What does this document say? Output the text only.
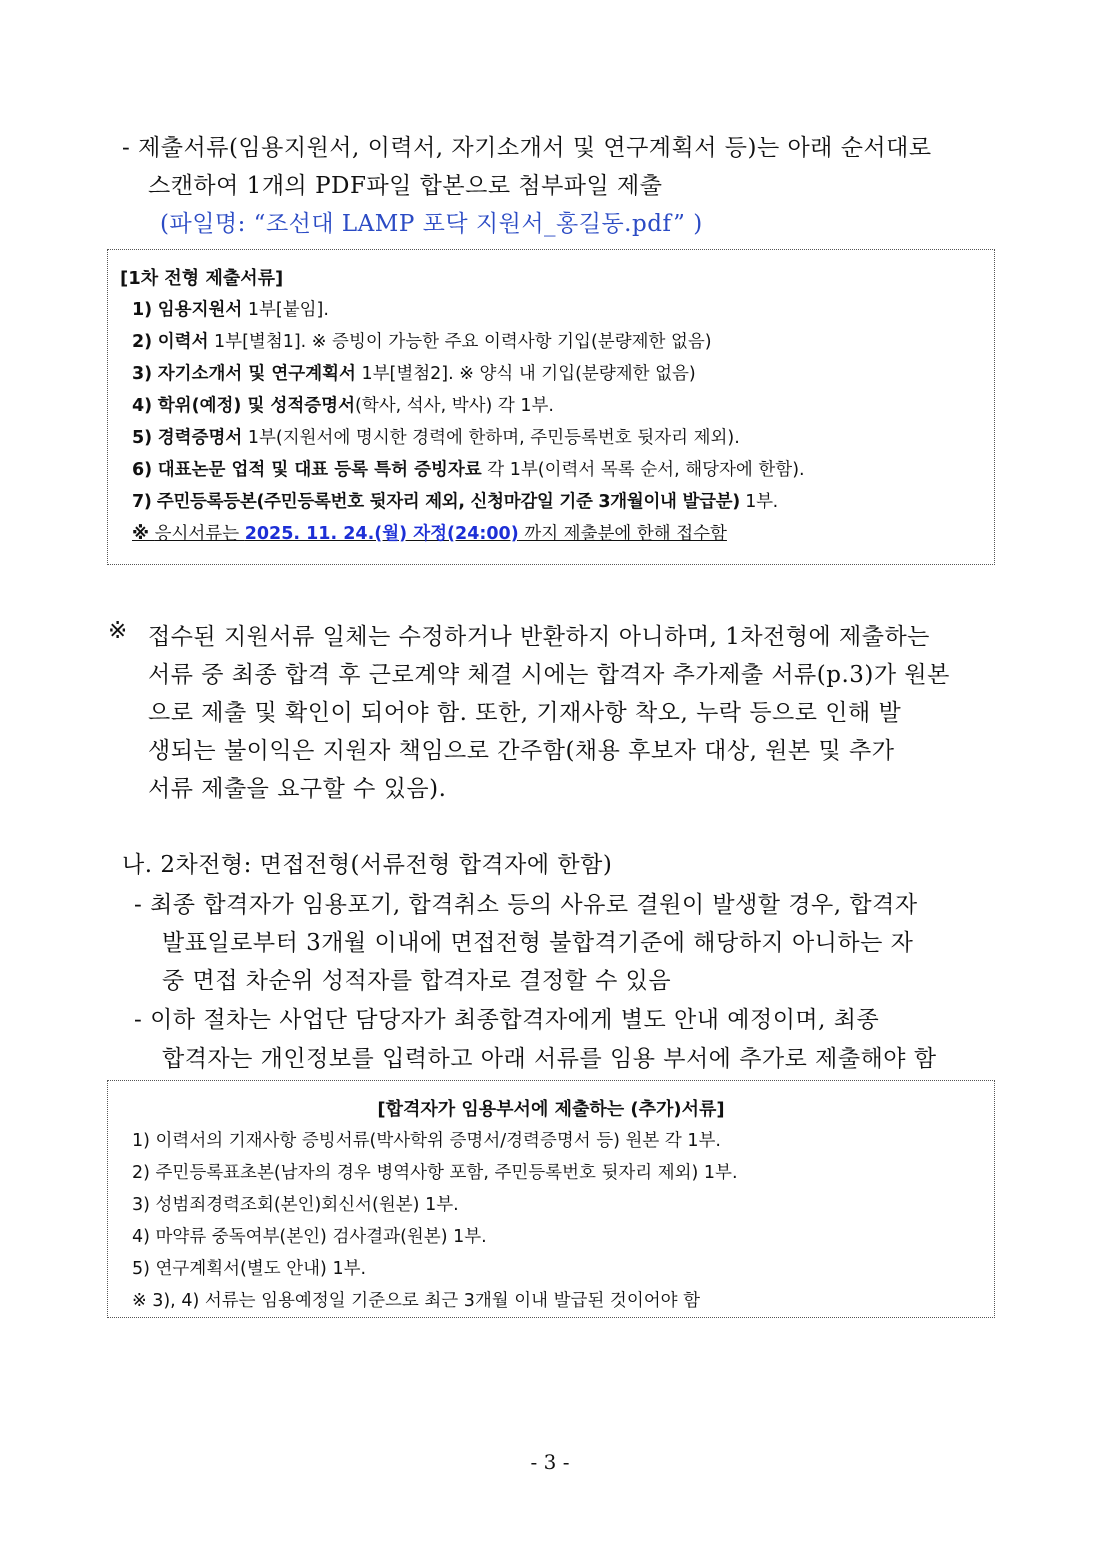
- 제출서류(임용지원서, 이력서, 자기소개서 및 연구계획서 등)는 아래 순서대로
스캔하여 1개의 PDF파일 합본으로 첨부파일 제출
(파일명: “조선대 LAMP 포닥 지원서_홍길동.pdf” )
[1차 전형 제출서류]
1) 임용지원서 1부[붙임].
2) 이력서 1부[별첨1]. ※ 증빙이 가능한 주요 이력사항 기입(분량제한 없음)
3) 자기소개서 및 연구계획서 1부[별첨2]. ※ 양식 내 기입(분량제한 없음)
4) 학위(예정) 및 성적증명서(학사, 석사, 박사) 각 1부.
5) 경력증명서 1부(지원서에 명시한 경력에 한하며, 주민등록번호 뒷자리 제외).
6) 대표논문 업적 및 대표 등록 특허 증빙자료 각 1부(이력서 목록 순서, 해당자에 한함).
7) 주민등록등본(주민등록번호 뒷자리 제외, 신청마감일 기준 3개월이내 발급분) 1부.
※ 응시서류는 2025. 11. 24.(월) 자정(24:00) 까지 제출분에 한해 접수함
※ 접수된 지원서류 일체는 수정하거나 반환하지 아니하며, 1차전형에 제출하는
서류 중 최종 합격 후 근로계약 체결 시에는 합격자 추가제출 서류(p.3)가 원본
으로 제출 및 확인이 되어야 함. 또한, 기재사항 착오, 누락 등으로 인해 발
생되는 불이익은 지원자 책임으로 간주함(채용 후보자 대상, 원본 및 추가
서류 제출을 요구할 수 있음).
나. 2차전형: 면접전형(서류전형 합격자에 한함)
- 최종 합격자가 임용포기, 합격취소 등의 사유로 결원이 발생할 경우, 합격자
발표일로부터 3개월 이내에 면접전형 불합격기준에 해당하지 아니하는 자
중 면접 차순위 성적자를 합격자로 결정할 수 있음
- 이하 절차는 사업단 담당자가 최종합격자에게 별도 안내 예정이며, 최종
합격자는 개인정보를 입력하고 아래 서류를 임용 부서에 추가로 제출해야 함
[합격자가 임용부서에 제출하는 (추가)서류]
1) 이력서의 기재사항 증빙서류(박사학위 증명서/경력증명서 등) 원본 각 1부.
2) 주민등록표초본(남자의 경우 병역사항 포함, 주민등록번호 뒷자리 제외) 1부.
3) 성범죄경력조회(본인)회신서(원본) 1부.
4) 마약류 중독여부(본인) 검사결과(원본) 1부.
5) 연구계획서(별도 안내) 1부.
※ 3), 4) 서류는 임용예정일 기준으로 최근 3개월 이내 발급된 것이어야 함
- 3 -
